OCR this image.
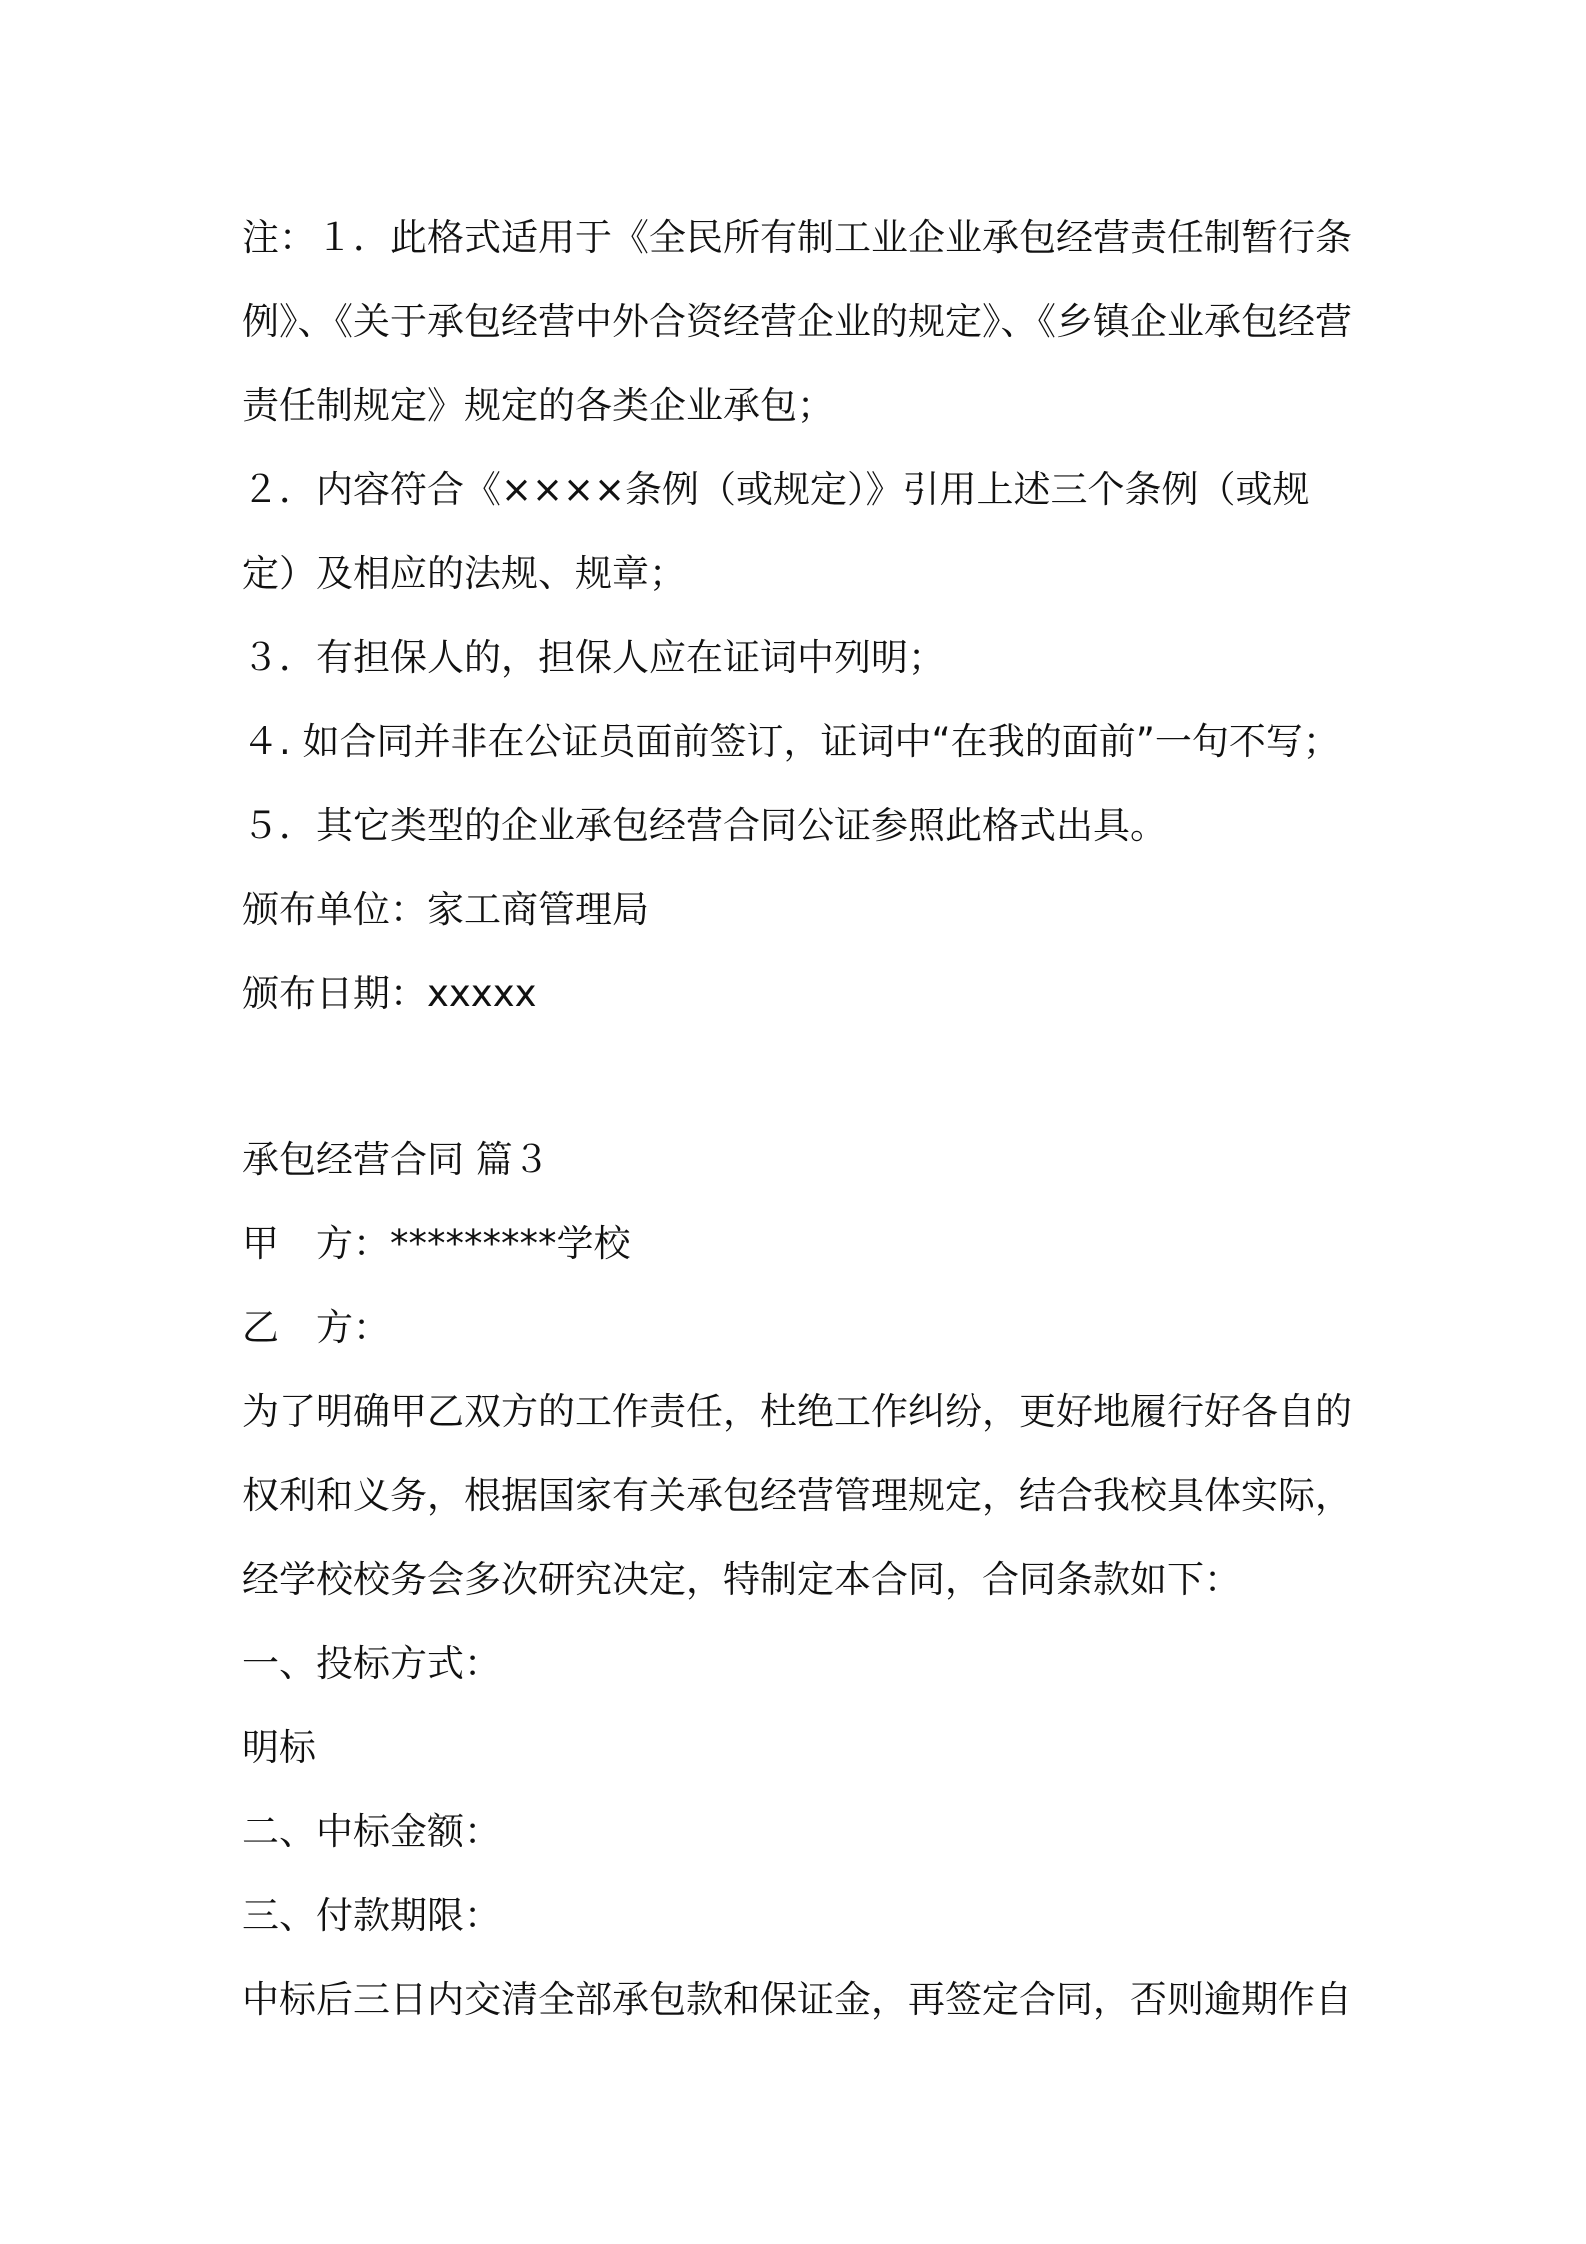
注：１．此格式适用于《全民所有制工业企业承包经营责任制暂行条

例》、《关于承包经营中外合资经营企业的规定》、《乡镇企业承包经营

责任制规定》规定的各类企业承包；

２．内容符合《××××条例（或规定）》引用上述三个条例（或规

定）及相应的法规、规章；

３．有担保人的，担保人应在证词中列明；

４. 如合同并非在公证员面前签订，证词中“在我的面前”一句不写；

５．其它类型的企业承包经营合同公证参照此格式出具。

颁布单位：家工商管理局

颁布日期：xxxxx

承包经营合同 篇３

甲　方：*********学校

乙　方：

为了明确甲乙双方的工作责任，杜绝工作纠纷，更好地履行好各自的

权利和义务，根据国家有关承包经营管理规定，结合我校具体实际，

经学校校务会多次研究决定，特制定本合同，合同条款如下：

一、投标方式：

明标

二、中标金额：

三、付款期限：

中标后三日内交清全部承包款和保证金，再签定合同，否则逾期作自
